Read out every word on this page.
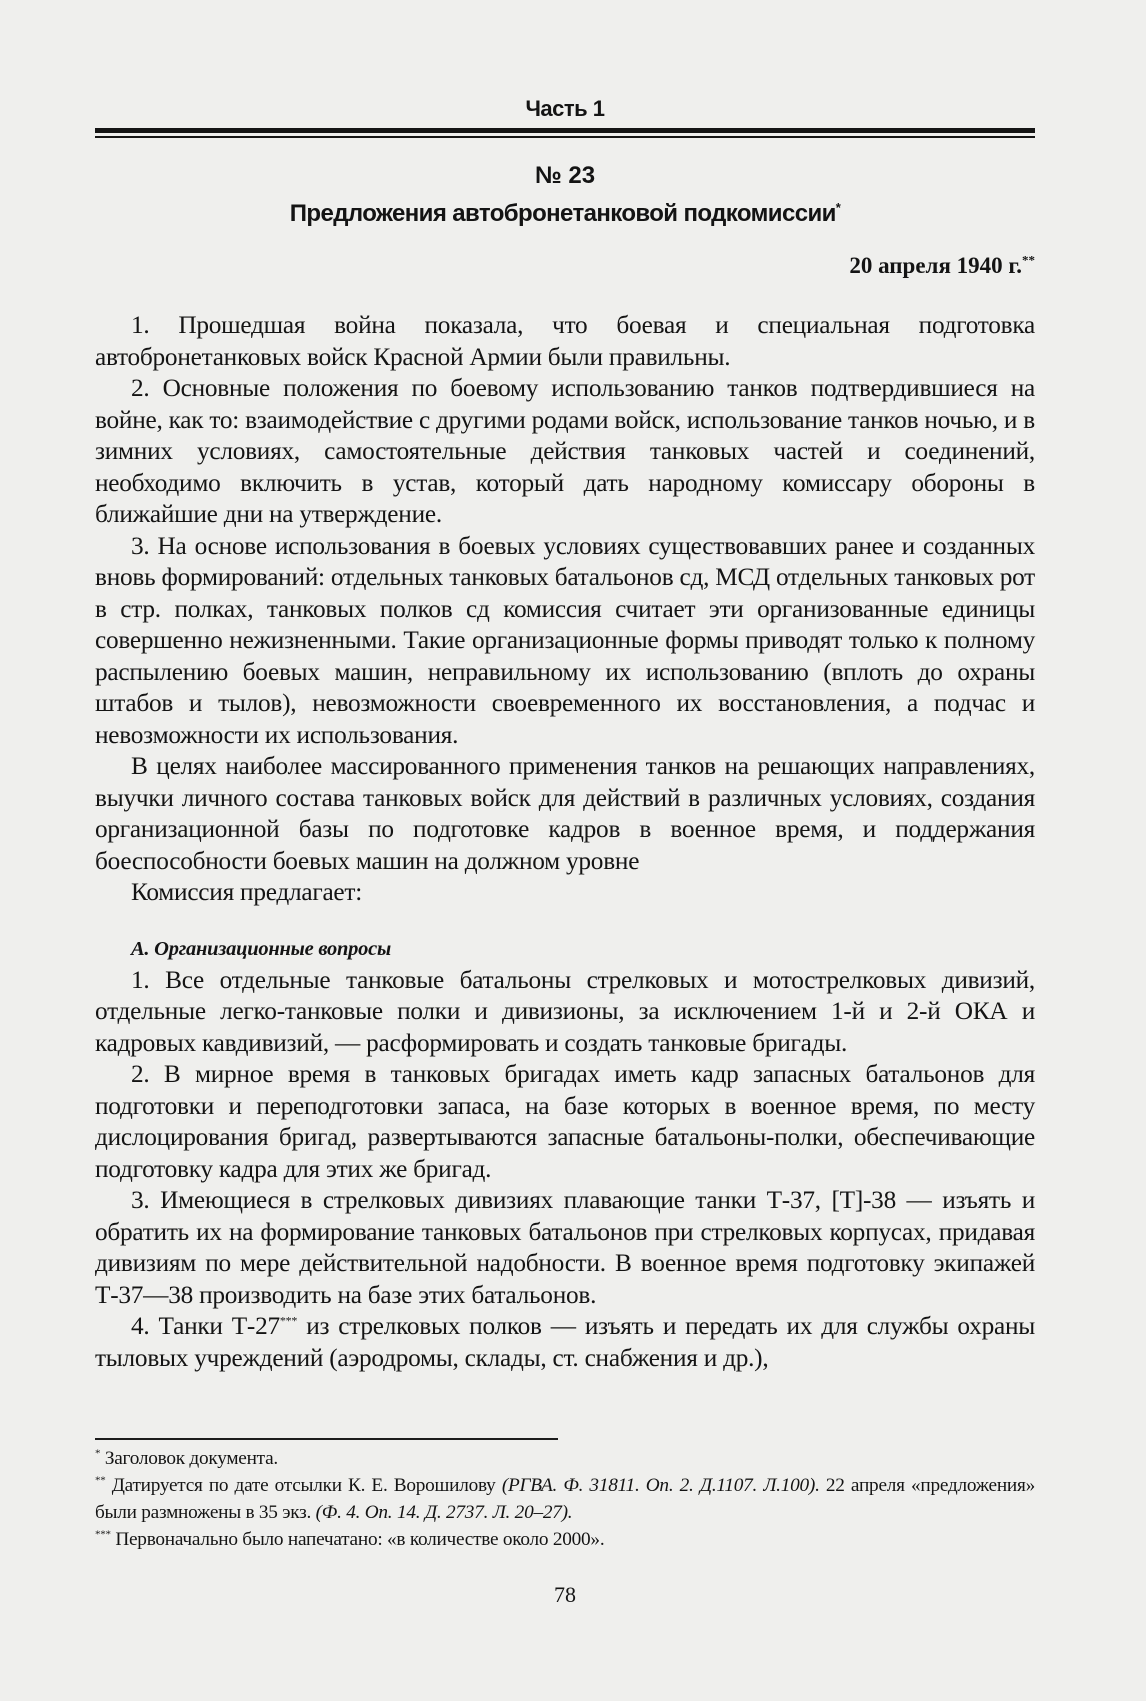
Часть 1
№ 23
Предложения автобронетанковой подкомиссии*
20 апреля 1940 г.**

1. Прошедшая война показала, что боевая и специальная подготовка автобронетанковых войск Красной Армии были правильны.

2. Основные положения по боевому использованию танков подтвердившиеся на войне, как то: взаимодействие с другими родами войск, использование танков ночью, и в зимних условиях, самостоятельные действия танковых частей и соединений, необходимо включить в устав, который дать народному комиссару обороны в ближайшие дни на утверждение.

3. На основе использования в боевых условиях существовавших ранее и созданных вновь формирований: отдельных танковых батальонов сд, МСД отдельных танковых рот в стр. полках, танковых полков сд комиссия считает эти организованные единицы совершенно нежизненными. Такие организационные формы приводят только к полному распылению боевых машин, неправильному их использованию (вплоть до охраны штабов и тылов), невозможности своевременного их восстановления, а подчас и невозможности их использования.

В целях наиболее массированного применения танков на решающих направлениях, выучки личного состава танковых войск для действий в различных условиях, создания организационной базы по подготовке кадров в военное время, и поддержания боеспособности боевых машин на должном уровне

Комиссия предлагает:

А. Организационные вопросы

1. Все отдельные танковые батальоны стрелковых и мотострелковых дивизий, отдельные легко-танковые полки и дивизионы, за исключением 1-й и 2-й ОКА и кадровых кавдивизий, — расформировать и создать танковые бригады.

2. В мирное время в танковых бригадах иметь кадр запасных батальонов для подготовки и переподготовки запаса, на базе которых в военное время, по месту дислоцирования бригад, развертываются запасные батальоны-полки, обеспечивающие подготовку кадра для этих же бригад.

3. Имеющиеся в стрелковых дивизиях плавающие танки Т-37, [Т]-38 — изъять и обратить их на формирование танковых батальонов при стрелковых корпусах, придавая дивизиям по мере действительной надобности. В военное время подготовку экипажей Т-37—38 производить на базе этих батальонов.

4. Танки Т-27*** из стрелковых полков — изъять и передать их для службы охраны тыловых учреждений (аэродромы, склады, ст. снабжения и др.),

* Заголовок документа.

** Датируется по дате отсылки К. Е. Ворошилову (РГВА. Ф. 31811. Оп. 2. Д.1107. Л.100). 22 апреля «предложения» были размножены в 35 экз. (Ф. 4. Оп. 14. Д. 2737. Л. 20–27).

*** Первоначально было напечатано: «в количестве около 2000».

78
